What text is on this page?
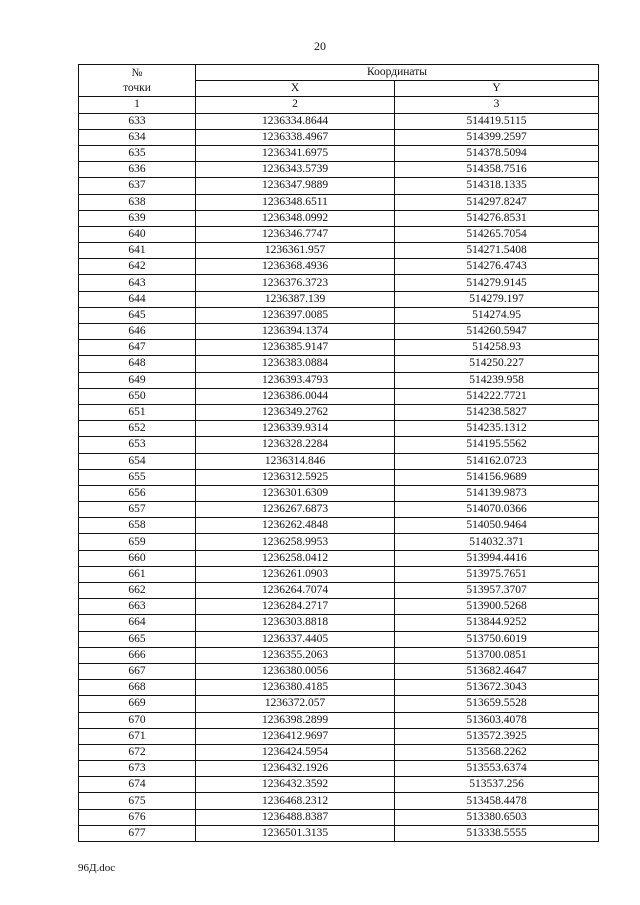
20
№
точки	Координаты	
	X	Y
1	2	3
633	1236334.8644	514419.5115
634	1236338.4967	514399.2597
635	1236341.6975	514378.5094
636	1236343.5739	514358.7516
637	1236347.9889	514318.1335
638	1236348.6511	514297.8247
639	1236348.0992	514276.8531
640	1236346.7747	514265.7054
641	1236361.957	514271.5408
642	1236368.4936	514276.4743
643	1236376.3723	514279.9145
644	1236387.139	514279.197
645	1236397.0085	514274.95
646	1236394.1374	514260.5947
647	1236385.9147	514258.93
648	1236383.0884	514250.227
649	1236393.4793	514239.958
650	1236386.0044	514222.7721
651	1236349.2762	514238.5827
652	1236339.9314	514235.1312
653	1236328.2284	514195.5562
654	1236314.846	514162.0723
655	1236312.5925	514156.9689
656	1236301.6309	514139.9873
657	1236267.6873	514070.0366
658	1236262.4848	514050.9464
659	1236258.9953	514032.371
660	1236258.0412	513994.4416
661	1236261.0903	513975.7651
662	1236264.7074	513957.3707
663	1236284.2717	513900.5268
664	1236303.8818	513844.9252
665	1236337.4405	513750.6019
666	1236355.2063	513700.0851
667	1236380.0056	513682.4647
668	1236380.4185	513672.3043
669	1236372.057	513659.5528
670	1236398.2899	513603.4078
671	1236412.9697	513572.3925
672	1236424.5954	513568.2262
673	1236432.1926	513553.6374
674	1236432.3592	513537.256
675	1236468.2312	513458.4478
676	1236488.8387	513380.6503
677	1236501.3135	513338.5555
96Д.doc
